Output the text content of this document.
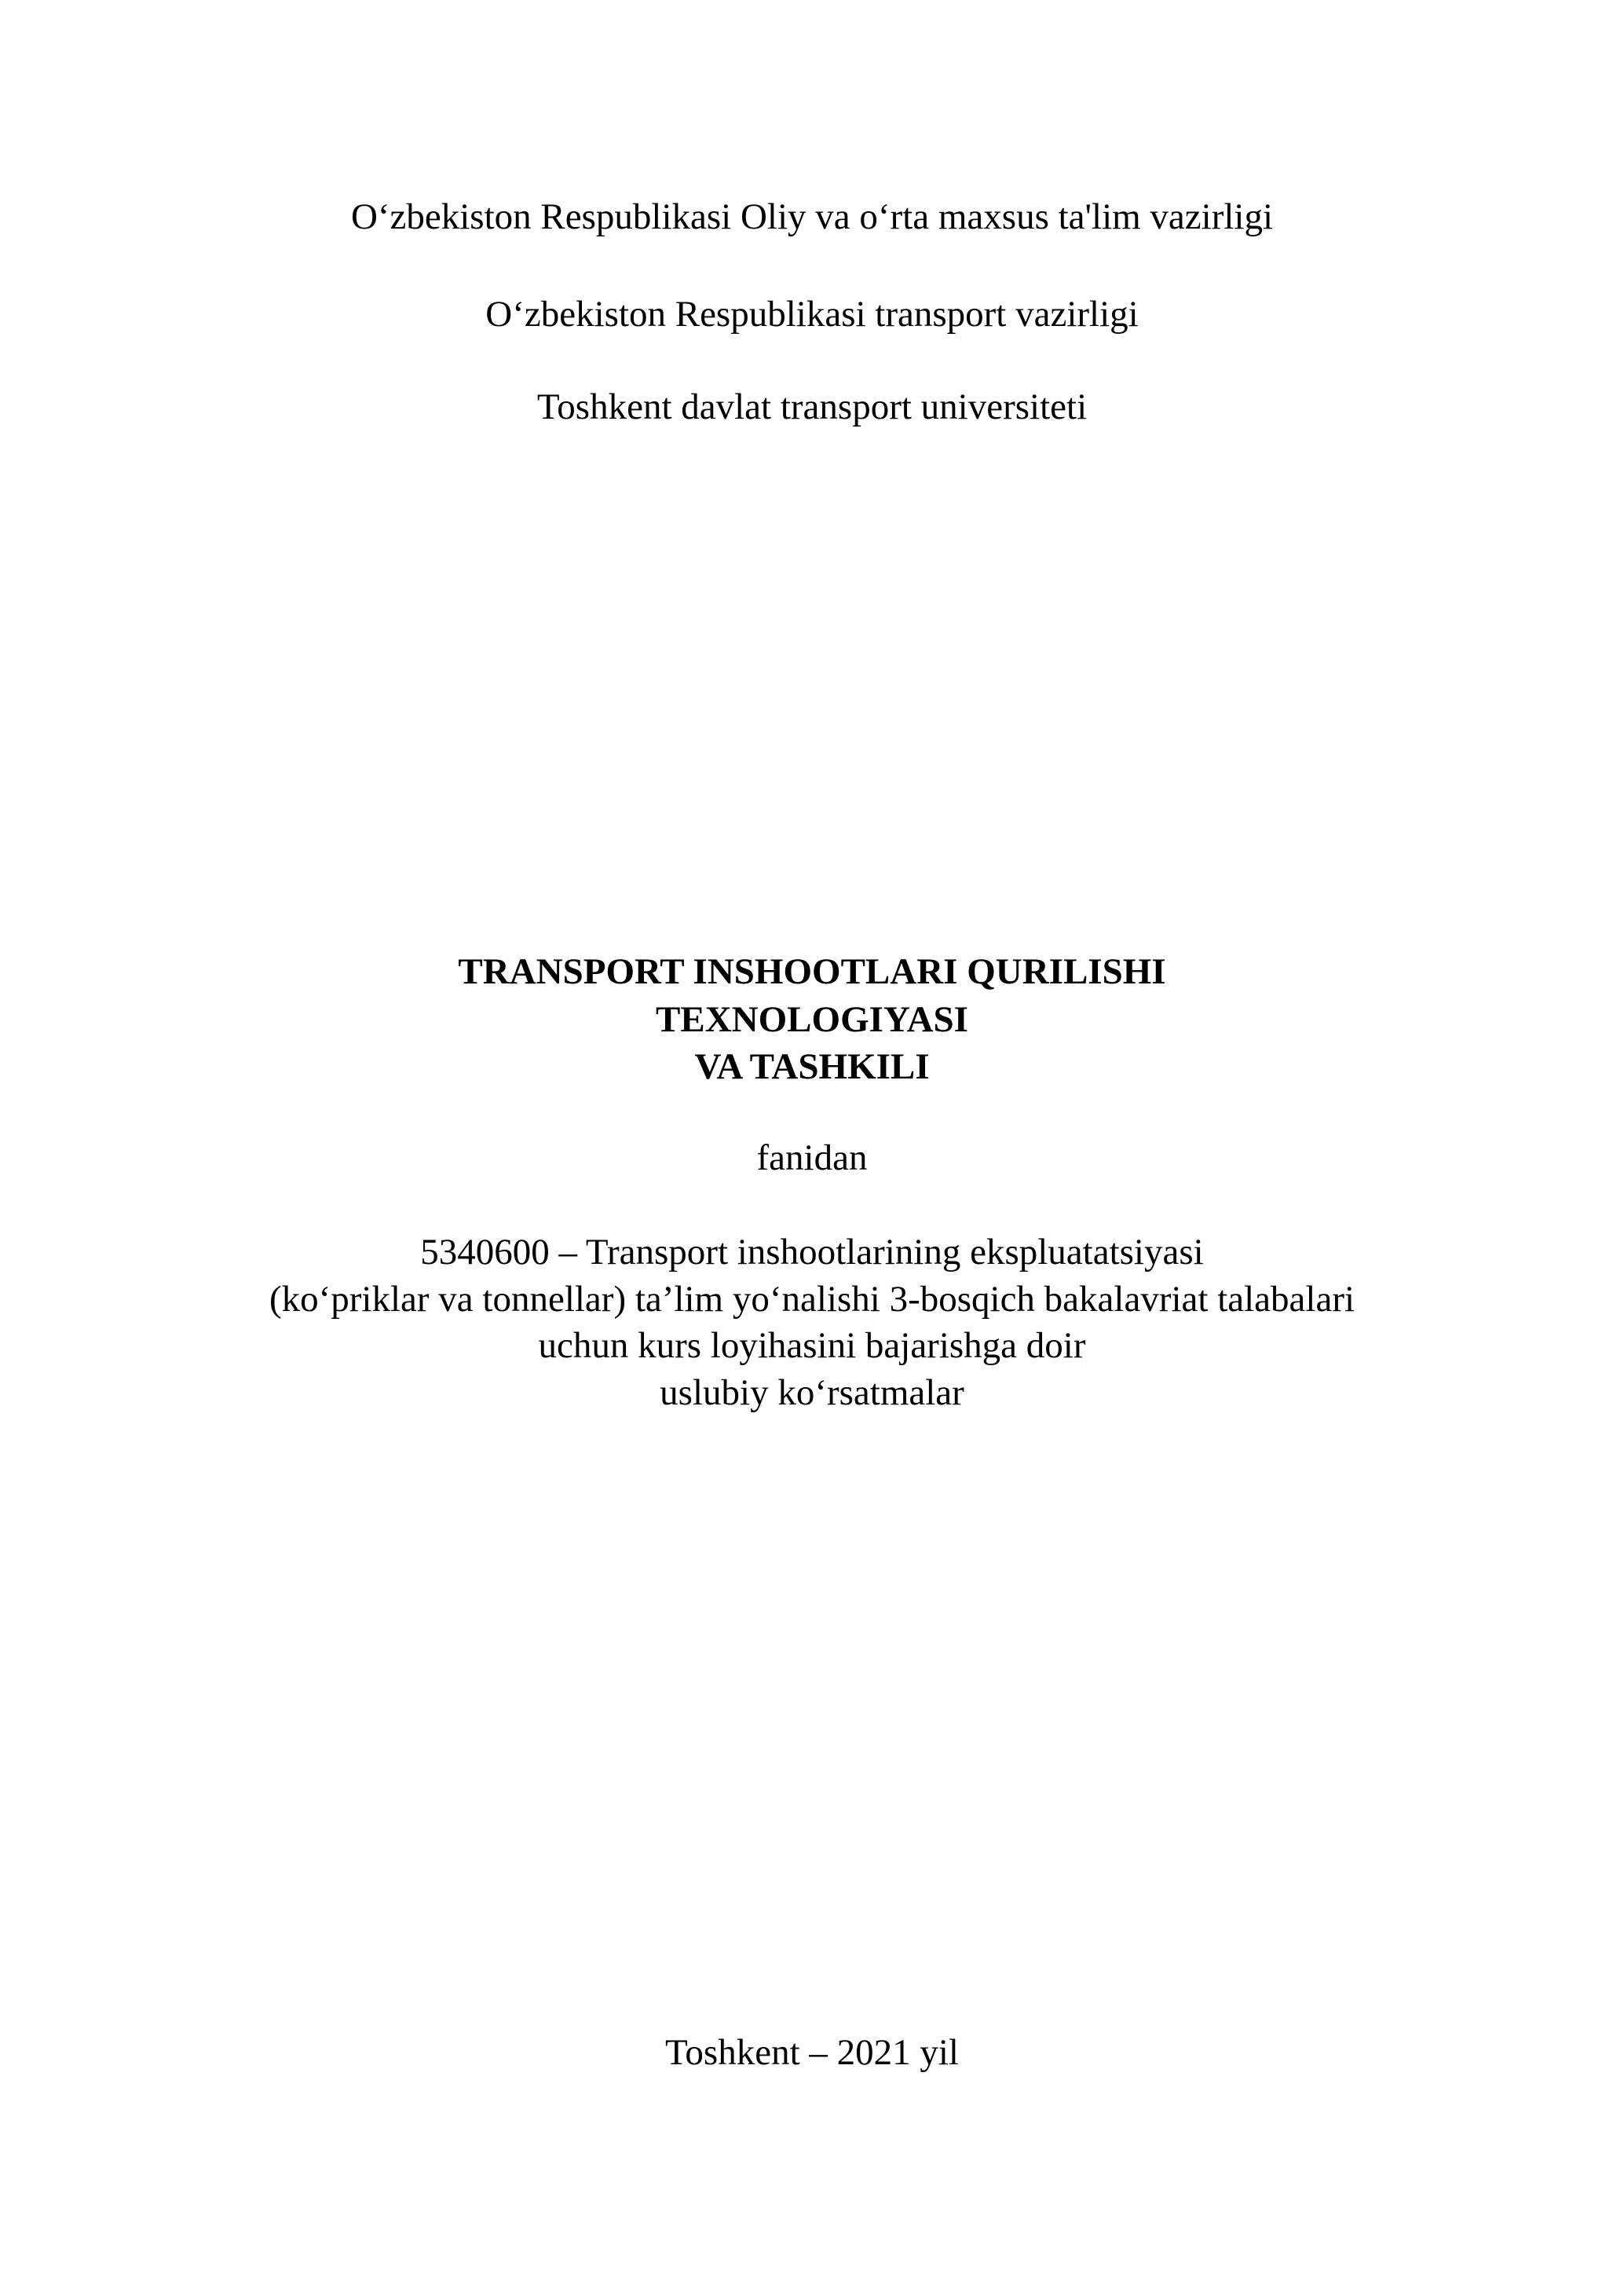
O‘zbekiston Respublikasi Oliy va o‘rta maxsus ta'lim vazirligi
O‘zbekiston Respublikasi transport vazirligi
Toshkent davlat transport universiteti
TRANSPORT INSHOOTLARI QURILISHI
TEXNOLOGIYASI
VA TASHKILI
fanidan
5340600 – Transport inshootlarining ekspluatatsiyasi
(ko‘priklar va tonnellar) ta’lim yo‘nalishi 3-bosqich bakalavriat talabalari
uchun kurs loyihasini bajarishga doir
uslubiy ko‘rsatmalar
Toshkent – 2021 yil
